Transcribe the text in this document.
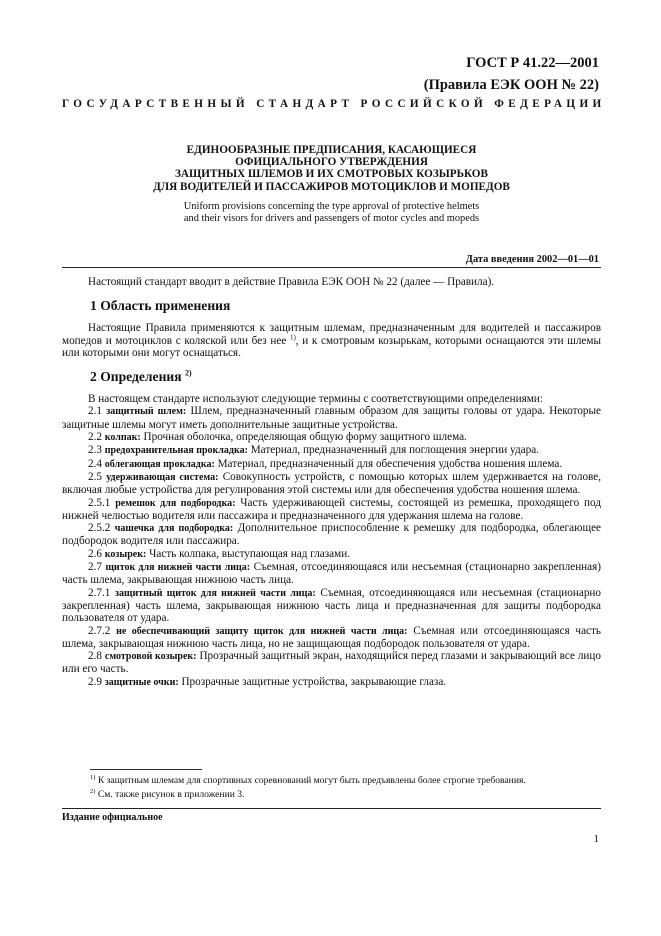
ГОСТ Р 41.22—2001
(Правила ЕЭК ООН № 22)
ГОСУДАРСТВЕННЫЙ СТАНДАРТ РОССИЙСКОЙ ФЕДЕРАЦИИ
ЕДИНООБРАЗНЫЕ ПРЕДПИСАНИЯ, КАСАЮЩИЕСЯ
ОФИЦИАЛЬНОГО УТВЕРЖДЕНИЯ
ЗАЩИТНЫХ ШЛЕМОВ И ИХ СМОТРОВЫХ КОЗЫРЬКОВ
ДЛЯ ВОДИТЕЛЕЙ И ПАССАЖИРОВ МОТОЦИКЛОВ И МОПЕДОВ
Uniform provisions concerning the type approval of protective helmets
and their visors for drivers and passengers of motor cycles and mopeds
Дата введения 2002—01—01
Настоящий стандарт вводит в действие Правила ЕЭК ООН № 22 (далее — Правила).
1 Область применения
Настоящие Правила применяются к защитным шлемам, предназначенным для водителей и пассажиров мопедов и мотоциклов с коляской или без нее $^{1)}$, и к смотровым козырькам, которыми оснащаются эти шлемы или которыми они могут оснащаться.
2 Определения $^{2)}$
В настоящем стандарте используют следующие термины с соответствующими определениями:
2.1 защитный шлем: Шлем, предназначенный главным образом для защиты головы от удара. Некоторые защитные шлемы могут иметь дополнительные защитные устройства.
2.2 колпак: Прочная оболочка, определяющая общую форму защитного шлема.
2.3 предохранительная прокладка: Материал, предназначенный для поглощения энергии удара.
2.4 облегающая прокладка: Материал, предназначенный для обеспечения удобства ношения шлема.
2.5 удерживающая система: Совокупность устройств, с помощью которых шлем удерживается на голове, включая любые устройства для регулирования этой системы или для обеспечения удобства ношения шлема.
2.5.1 ремешок для подбородка: Часть удерживающей системы, состоящей из ремешка, проходящего под нижней челюстью водителя или пассажира и предназначенного для удержания шлема на голове.
2.5.2 чашечка для подбородка: Дополнительное приспособление к ремешку для подбородка, облегающее подбородок водителя или пассажира.
2.6 козырек: Часть колпака, выступающая над глазами.
2.7 щиток для нижней части лица: Съемная, отсоединяющаяся или несъемная (стационарно закрепленная) часть шлема, закрывающая нижнюю часть лица.
2.7.1 защитный щиток для нижней части лица: Съемная, отсоединяющаяся или несъемная (стационарно закрепленная) часть шлема, закрывающая нижнюю часть лица и предназначенная для защиты подбородка пользователя от удара.
2.7.2 не обеспечивающий защиту щиток для нижней части лица: Съемная или отсоединяющаяся часть шлема, закрывающая нижнюю часть лица, но не защищающая подбородок пользователя от удара.
2.8 смотровой козырек: Прозрачный защитный экран, находящийся перед глазами и закрывающий все лицо или его часть.
2.9 защитные очки: Прозрачные защитные устройства, закрывающие глаза.
$^{1)}$ К защитным шлемам для спортивных соревнований могут быть предъявлены более строгие требования.
$^{2)}$ См. также рисунок в приложении 3.
Издание официальное
1
